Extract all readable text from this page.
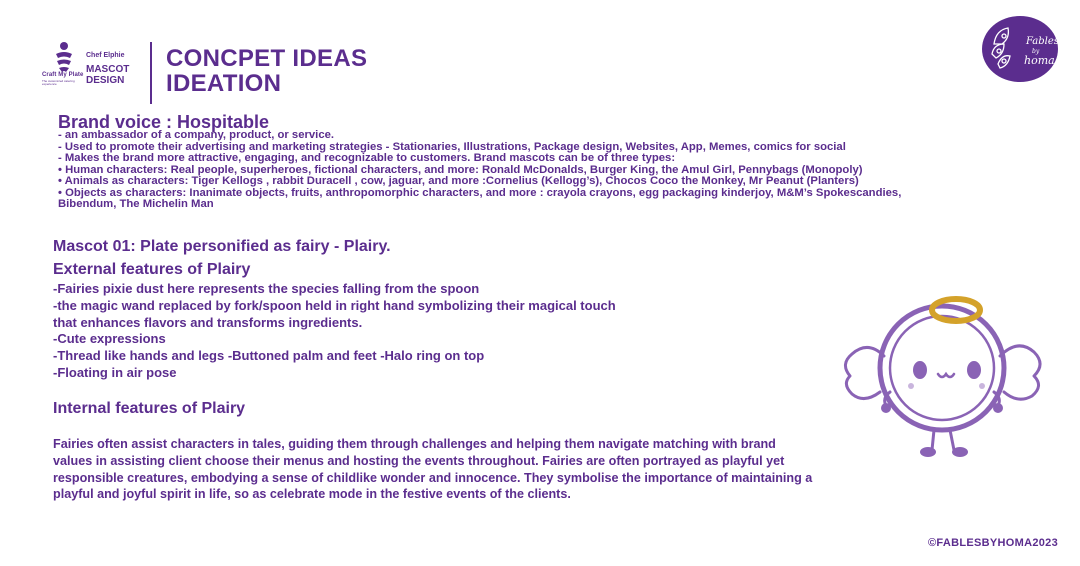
Chef Elphie
Craft My Plate
The customized catering experience
MASCOT
DESIGN
CONCPET IDEAS
IDEATION
Fables
by
homa
Brand voice : Hospitable
- an ambassador of a company, product, or service.
- Used to promote their advertising and marketing strategies - Stationaries, Illustrations, Package design, Websites, App, Memes, comics for social
- Makes the brand more attractive, engaging, and recognizable to customers. Brand mascots can be of three types:
• Human characters: Real people, superheroes, fictional characters, and more: Ronald McDonalds, Burger King, the Amul Girl, Pennybags (Monopoly)
• Animals as characters: Tiger Kellogs , rabbit Duracell , cow, jaguar, and more :Cornelius (Kellogg’s), Chocos Coco the Monkey, Mr Peanut (Planters)
• Objects as characters: Inanimate objects, fruits, anthropomorphic characters, and more : crayola crayons, egg packaging kinderjoy, M&M’s Spokescandies,
Bibendum, The Michelin Man
Mascot 01: Plate personified as fairy - Plairy.
External features of Plairy
-Fairies pixie dust here represents the species falling from the spoon
-the magic wand replaced by fork/spoon held in right hand symbolizing their magical touch
that enhances flavors and transforms ingredients.
-Cute expressions
-Thread like hands and legs -Buttoned palm and feet -Halo ring on top
-Floating in air pose
Internal features of Plairy
Fairies often assist characters in tales, guiding them through challenges and helping them navigate matching with brand values in assisting client choose their menus and hosting the events throughout. Fairies are often portrayed as playful yet responsible creatures, embodying a sense of childlike wonder and innocence. They symbolise the importance of maintaining a playful and joyful spirit in life, so as celebrate mode in the festive events of the clients.
©FABLESBYHOMA2023
